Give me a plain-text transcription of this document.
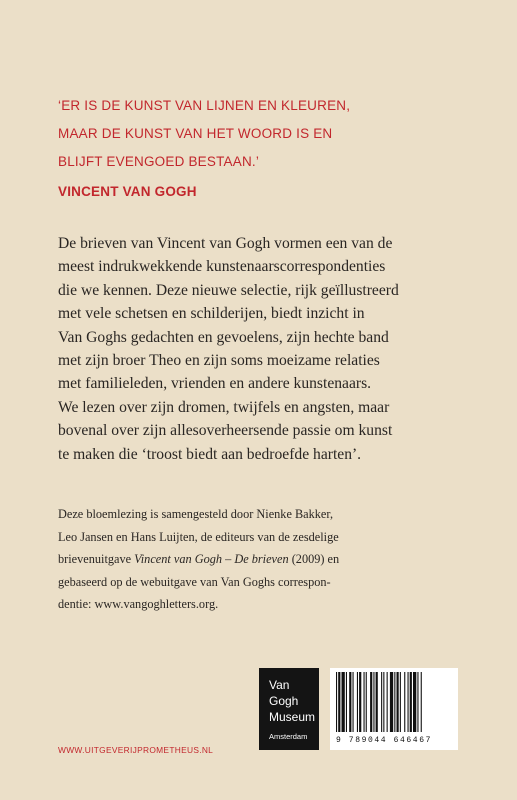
‘ER IS DE KUNST VAN LIJNEN EN KLEUREN,
MAAR DE KUNST VAN HET WOORD IS EN
BLIJFT EVENGOED BESTAAN.’
VINCENT VAN GOGH
De brieven van Vincent van Gogh vormen een van de
meest indrukwekkende kunstenaarscorrespondenties
die we kennen. Deze nieuwe selectie, rijk geïllustreerd
met vele schetsen en schilderijen, biedt inzicht in
Van Goghs gedachten en gevoelens, zijn hechte band
met zijn broer Theo en zijn soms moeizame relaties
met familieleden, vrienden en andere kunstenaars.
We lezen over zijn dromen, twijfels en angsten, maar
bovenal over zijn allesoverheersende passie om kunst
te maken die ‘troost biedt aan bedroefde harten’.
Deze bloemlezing is samengesteld door Nienke Bakker,
Leo Jansen en Hans Luijten, de editeurs van de zesdelige
brievenuitgave Vincent van Gogh – De brieven (2009) en
gebaseerd op de webuitgave van Van Goghs correspon-
dentie: www.vangoghletters.org.
Van
Gogh
Museum
Amsterdam	9 789044 646467
WWW.UITGEVERIJPROMETHEUS.NL
